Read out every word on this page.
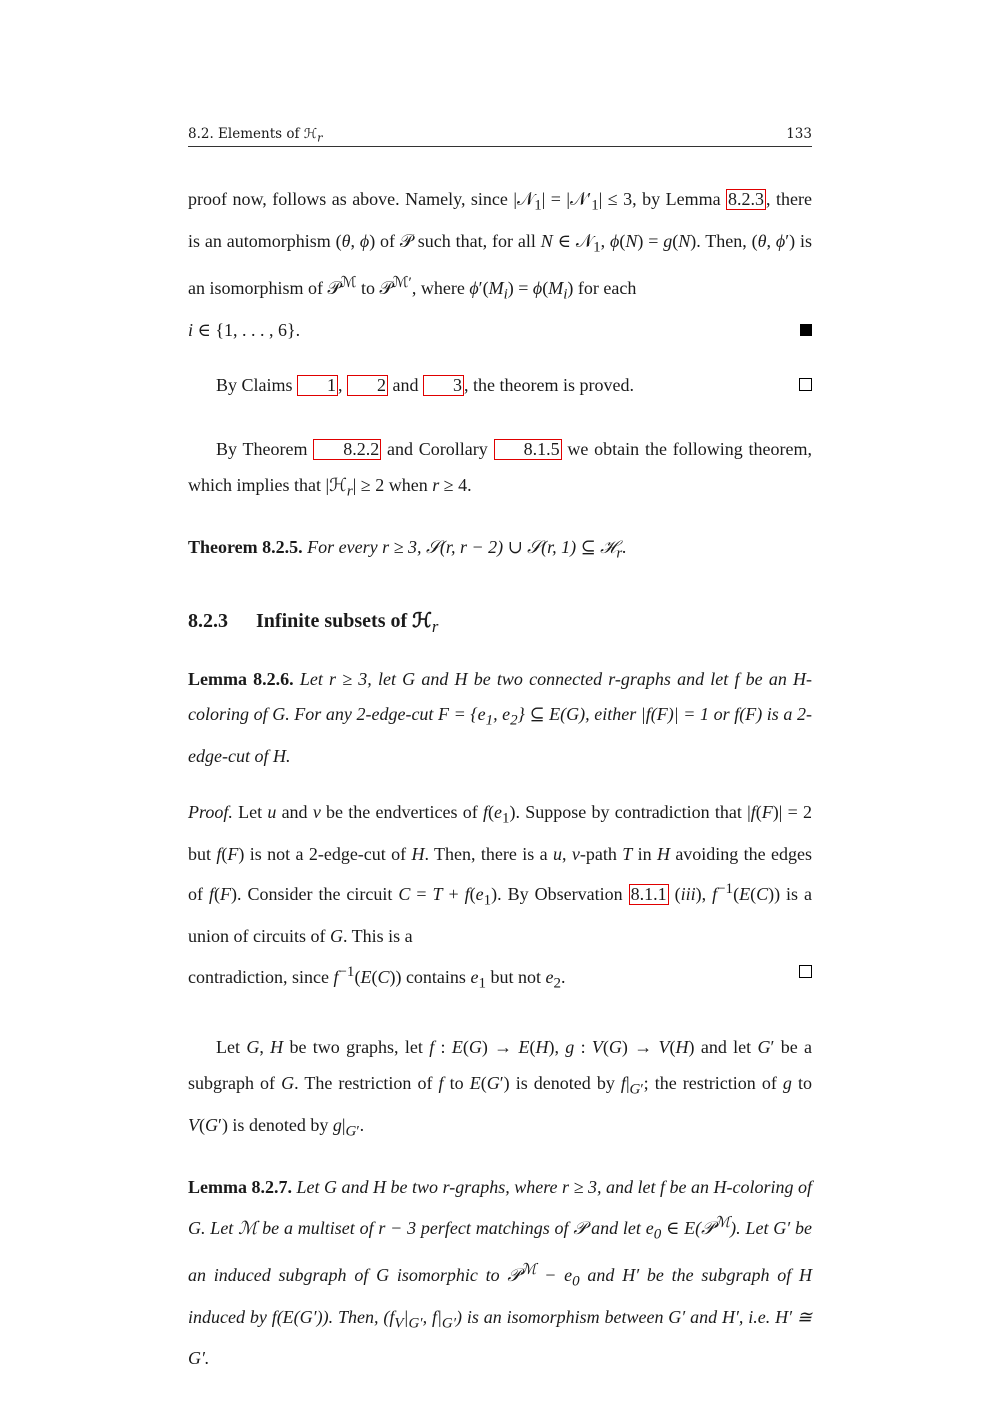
8.2. Elements of ℋ$_r$	133

proof now, follows as above. Namely, since |𝒩$_1$| = $|𝒩'_1| \le 3$, by Lemma 8.2.3 , there is an automorphism (θ, ϕ) of 𝒫 such that, for all N ∈ 𝒩$_1$, ϕ(N) = g(N). Then, (θ, ϕ′) is an isomorphism of 𝒫$^ℳ$ to 𝒫$^{ℳ'}$, where $\phi'(M_i) = \phi(M_i)$ for each

i ∈ {1, . . . , 6}.
By Claims 1 , 2 and 3 , the theorem is proved.

By Theorem 8.2.2 and Corollary 8.1.5 we obtain the following theorem, which implies that |ℋ$_r$| ≥ 2 when r ≥ 4.

Theorem 8.2.5. For every r ≥ 3, 𝒮(r, r − 2) ∪ 𝒮(r, 1) ⊆ ℋ$_r$.

8.2.3 Infinite subsets of ℋ$_r$

Lemma 8.2.6. Let r ≥ 3, let G and H be two connected r-graphs and let f be an H-coloring of G. For any 2-edge-cut $F = \{e_1$, $e_2$} ⊆ E(G), either |f(F)| = 1 or f(F) is a 2-edge-cut of H.

Proof. Let u and v be the endvertices of $f(e_1)$. Suppose by contradiction that |f(F)| = 2 but f(F) is not a 2-edge-cut of H. Then, there is a u, v-path T in H avoiding the edges of f(F). Consider the circuit $C = T + f(e_1)$. By Observation 8.1.1 (iii), $f^{-1}(E(C))$ is a union of circuits of G. This is a

contradiction, since $f^{-1}(E(C))$ contains $e_1$ but not $e_2$.

Let G, H be two graphs, let f : E(G) → E(H), g : V(G) → V(H) and let G′ be a subgraph of G. The restriction of f to E(G′) is denoted by $f|_{G'}$; the restriction of g to V(G′) is denoted by $g|_{G'}$.

Lemma 8.2.7. Let G and H be two r-graphs, where r ≥ 3, and let f be an H-coloring of G. Let ℳ be a multiset of r − 3 perfect matchings of 𝒫 and let $e_0$ ∈ E(𝒫$^ℳ$). Let G′ be an induced subgraph of G isomorphic to 𝒫$^ℳ$ − $e_0$ and H′ be the subgraph of H induced by f(E(G′)). Then, ($f_V|_{G'}$, $f|_{G'}$) is an isomorphism between G′ and H′, i.e. H′ ≅ G′.
